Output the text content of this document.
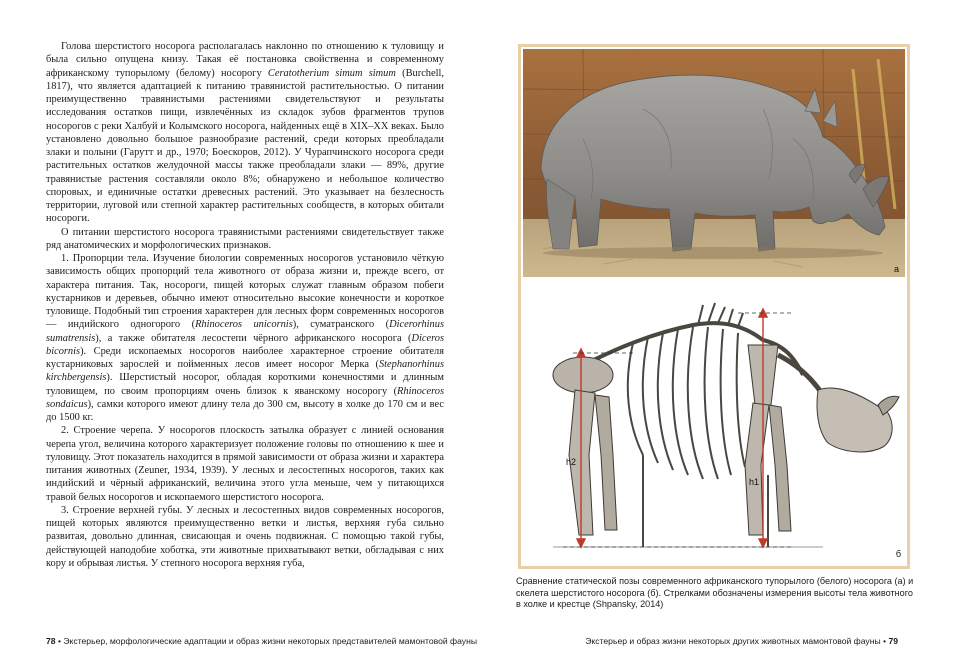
Голова шерстистого носорога располагалась наклонно по отношению к туловищу и была сильно опущена книзу. Такая её постановка свойственна и современному африканскому тупорылому (белому) носорогу Ceratotherium simum simum (Burchell, 1817), что является адаптацией к питанию травянистой растительностью. О питании преимущественно травянистыми растениями свидетельствуют и результаты исследования остатков пищи, извлечённых из складок зубов фрагментов трупов носорогов с реки Халбуй и Колымского носорога, найденных ещё в XIX–XX веках. Было установлено довольно большое разнообразие растений, среди которых преобладали злаки и полыни (Гарутт и др., 1970; Боескоров, 2012). У Чурапчинского носорога среди растительных остатков желудочной массы также преобладали злаки — 89%, другие травянистые растения составляли около 8%; обнаружено и небольшое количество споровых, и единичные остатки древесных растений. Это указывает на безлесность территории, луговой или степной характер растительных сообществ, в которых обитали носороги.

О питании шерстистого носорога травянистыми растениями свидетельствует также ряд анатомических и морфологических признаков.

1. Пропорции тела. Изучение биологии современных носорогов установило чёткую зависимость общих пропорций тела животного от образа жизни и, прежде всего, от характера питания. Так, носороги, пищей которых служат главным образом побеги кустарников и деревьев, обычно имеют относительно высокие конечности и короткое туловище. Подобный тип строения характерен для лесных форм современных носорогов — индийского одногорого (Rhinoceros unicornis), суматранского (Dicerorhinus sumatrensis), а также обитателя лесостепи чёрного африканского носорога (Diceros bicornis). Среди ископаемых носорогов наиболее характерное строение обитателя кустарниковых зарослей и пойменных лесов имеет носорог Мерка (Stephanorhinus kirchbergensis). Шерстистый носорог, обладая короткими конечностями и длинным туловищем, по своим пропорциям очень близок к яванскому носорогу (Rhinoceros sondaicus), самки которого имеют длину тела до 300 см, высоту в холке до 170 см и вес до 1500 кг.

2. Строение черепа. У носорогов плоскость затылка образует с линией основания черепа угол, величина которого характеризует положение головы по отношению к шее и туловищу. Этот показатель находится в прямой зависимости от образа жизни и характера питания животных (Zeuner, 1934, 1939). У лесных и лесостепных носорогов, таких как индийский и чёрный африканский, величина этого угла меньше, чем у питающихся травой белых носорогов и ископаемого шерстистого носорога.

3. Строение верхней губы. У лесных и лесостепных видов современных носорогов, пищей которых являются преимущественно ветки и листья, верхняя губа сильно развитая, довольно длинная, свисающая и очень подвижная. С помощью такой губы, действующей наподобие хоботка, эти животные прихватывают ветки, обгладывая с них кору и обрывая листья. У степного носорога верхняя губа,

78 • Экстерьер, морфологические адаптации и образ жизни некоторых представителей мамонтовой фауны
а
h2
h1
б
Сравнение статической позы современного африканского тупорылого (белого) носорога (а) и скелета шерстистого носорога (б). Стрелками обозначены измерения высоты тела животного в холке и крестце (Shpansky, 2014)
Экстерьер и образ жизни некоторых других животных мамонтовой фауны • 79
